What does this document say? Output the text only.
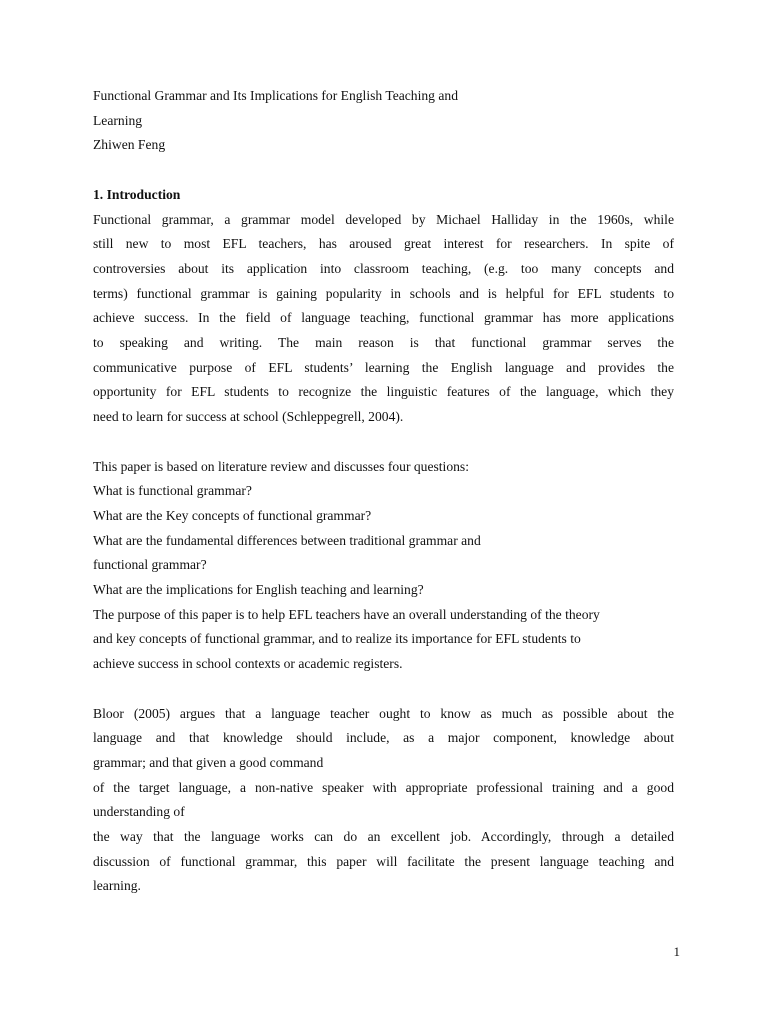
Functional Grammar and Its Implications for English Teaching and
Learning
Zhiwen Feng
1. Introduction
Functional grammar, a grammar model developed by Michael Halliday in the 1960s, while
still new to most EFL teachers, has aroused great interest for researchers. In spite of
controversies about its application into classroom teaching, (e.g. too many concepts and
terms) functional grammar is gaining popularity in schools and is helpful for EFL students to
achieve success. In the field of language teaching, functional grammar has more applications
to speaking and writing. The main reason is that functional grammar serves the
communicative purpose of EFL students’ learning the English language and provides the
opportunity for EFL students to recognize the linguistic features of the language, which they
need to learn for success at school (Schleppegrell, 2004).
This paper is based on literature review and discusses four questions:
What is functional grammar?
What are the Key concepts of functional grammar?
What are the fundamental differences between traditional grammar and
functional grammar?
What are the implications for English teaching and learning?
The purpose of this paper is to help EFL teachers have an overall understanding of the theory
and key concepts of functional grammar, and to realize its importance for EFL students to
achieve success in school contexts or academic registers.
Bloor (2005) argues that a language teacher ought to know as much as possible about the
language and that knowledge should include, as a major component, knowledge about
grammar; and that given a good command
of the target language, a non-native speaker with appropriate professional training and a good
understanding of
the way that the language works can do an excellent job. Accordingly, through a detailed
discussion of functional grammar, this paper will facilitate the present language teaching and
learning.
1
